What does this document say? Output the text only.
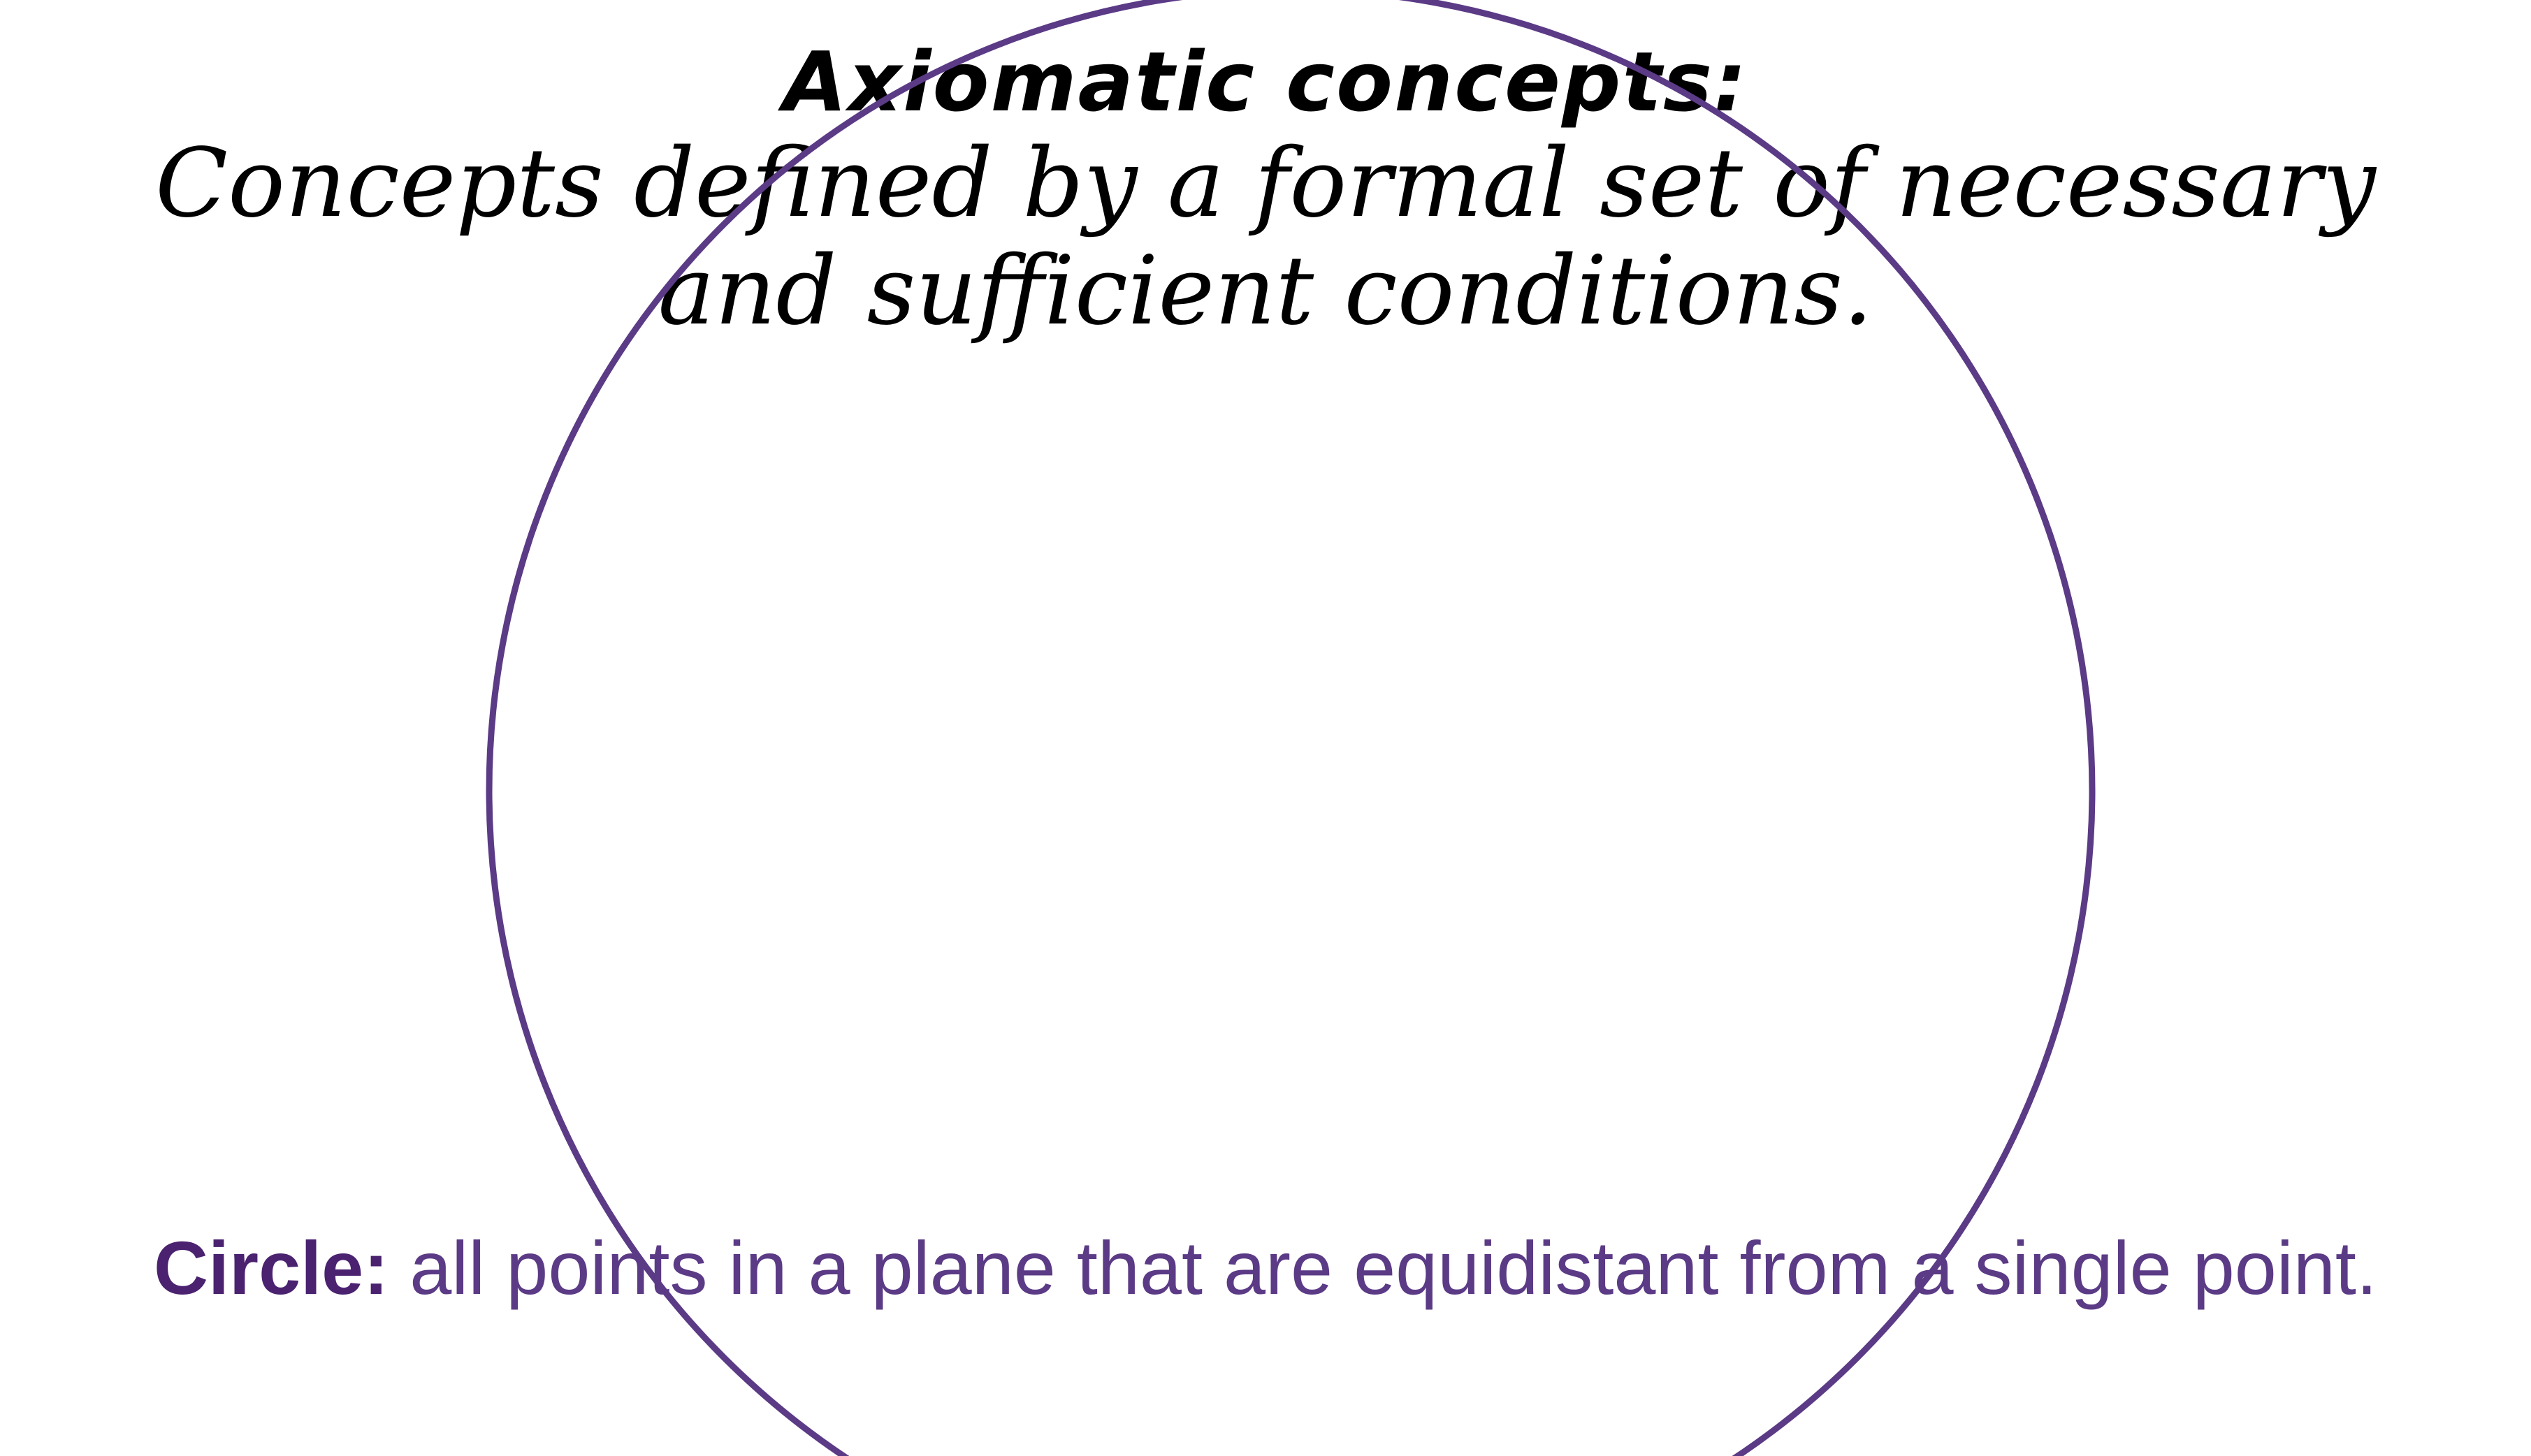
Axiomatic concepts:
Concepts defined by a formal set of necessary and sufficient conditions.
Circle: all points in a plane that are equidistant from a single point.
